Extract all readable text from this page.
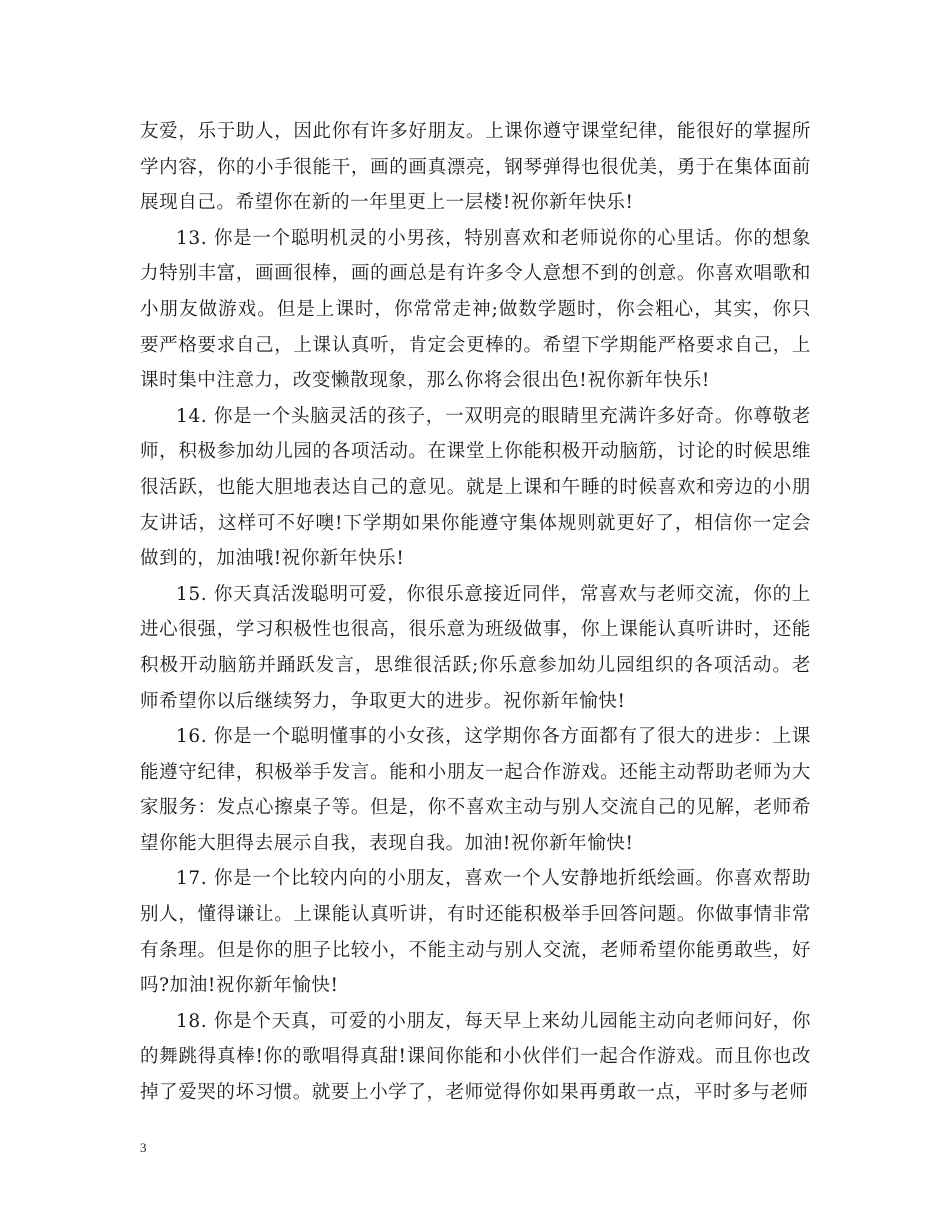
友爱，乐于助人，因此你有许多好朋友。上课你遵守课堂纪律，能很好的掌握所学内容，你的小手很能干，画的画真漂亮，钢琴弹得也很优美，勇于在集体面前展现自己。希望你在新的一年里更上一层楼!祝你新年快乐!

13. 你是一个聪明机灵的小男孩，特别喜欢和老师说你的心里话。你的想象力特别丰富，画画很棒，画的画总是有许多令人意想不到的创意。你喜欢唱歌和小朋友做游戏。但是上课时，你常常走神;做数学题时，你会粗心，其实，你只要严格要求自己，上课认真听，肯定会更棒的。希望下学期能严格要求自己，上课时集中注意力，改变懒散现象，那么你将会很出色!祝你新年快乐!

14. 你是一个头脑灵活的孩子，一双明亮的眼睛里充满许多好奇。你尊敬老师，积极参加幼儿园的各项活动。在课堂上你能积极开动脑筋，讨论的时候思维很活跃，也能大胆地表达自己的意见。就是上课和午睡的时候喜欢和旁边的小朋友讲话，这样可不好噢!下学期如果你能遵守集体规则就更好了，相信你一定会做到的，加油哦!祝你新年快乐!

15. 你天真活泼聪明可爱，你很乐意接近同伴，常喜欢与老师交流，你的上进心很强，学习积极性也很高，很乐意为班级做事，你上课能认真听讲时，还能积极开动脑筋并踊跃发言，思维很活跃;你乐意参加幼儿园组织的各项活动。老师希望你以后继续努力，争取更大的进步。祝你新年愉快!

16. 你是一个聪明懂事的小女孩，这学期你各方面都有了很大的进步：上课能遵守纪律，积极举手发言。能和小朋友一起合作游戏。还能主动帮助老师为大家服务：发点心擦桌子等。但是，你不喜欢主动与别人交流自己的见解，老师希望你能大胆得去展示自我，表现自我。加油!祝你新年愉快!

17. 你是一个比较内向的小朋友，喜欢一个人安静地折纸绘画。你喜欢帮助别人，懂得谦让。上课能认真听讲，有时还能积极举手回答问题。你做事情非常有条理。但是你的胆子比较小，不能主动与别人交流，老师希望你能勇敢些，好吗?加油!祝你新年愉快!

18. 你是个天真，可爱的小朋友，每天早上来幼儿园能主动向老师问好，你的舞跳得真棒!你的歌唱得真甜!课间你能和小伙伴们一起合作游戏。而且你也改掉了爱哭的坏习惯。就要上小学了，老师觉得你如果再勇敢一点，平时多与老师

3
